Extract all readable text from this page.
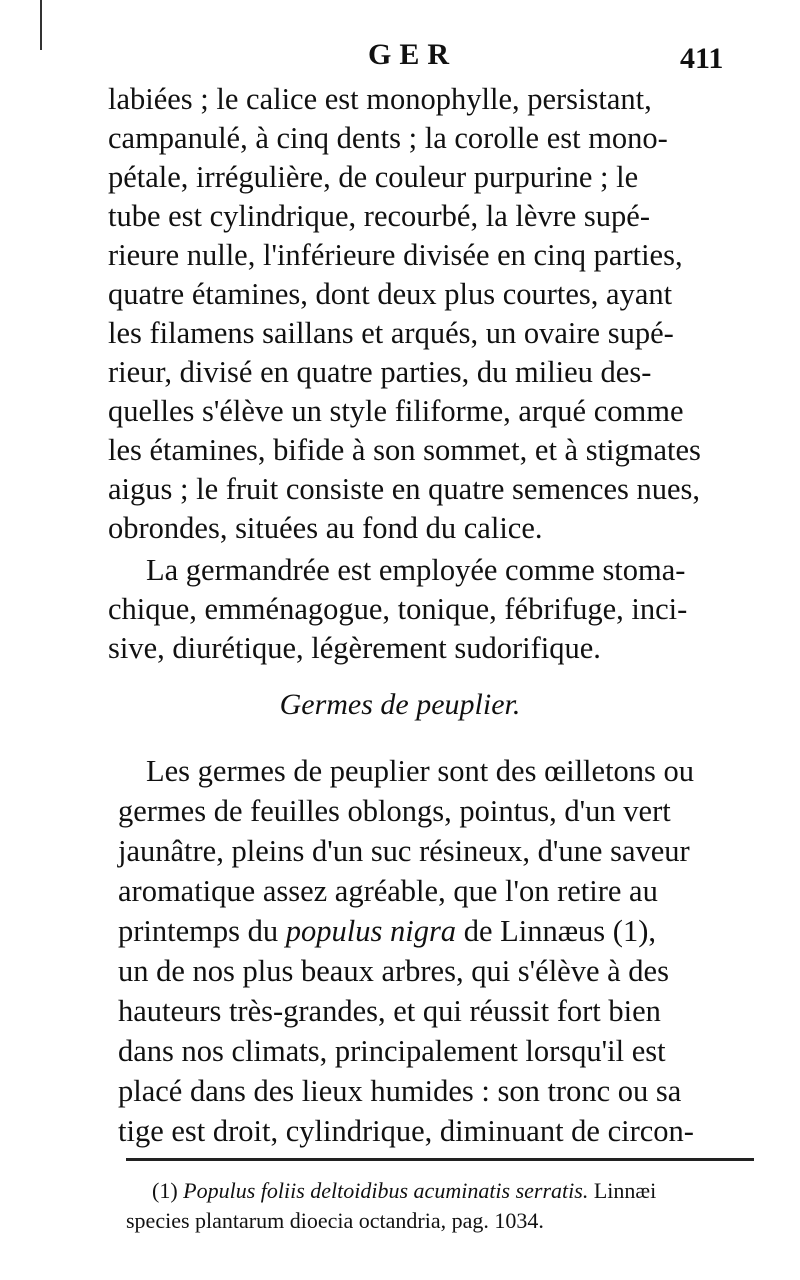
GER	411
labiées ; le calice est monophylle, persistant,
campanulé, à cinq dents ; la corolle est mono-
pétale, irrégulière, de couleur purpurine ; le
tube est cylindrique, recourbé, la lèvre supé-
rieure nulle, l'inférieure divisée en cinq parties,
quatre étamines, dont deux plus courtes, ayant
les filamens saillans et arqués, un ovaire supé-
rieur, divisé en quatre parties, du milieu des-
quelles s'élève un style filiforme, arqué comme
les étamines, bifide à son sommet, et à stigmates
aigus ; le fruit consiste en quatre semences nues,
obrondes, situées au fond du calice.
La germandrée est employée comme stoma-
chique, emménagogue, tonique, fébrifuge, inci-
sive, diurétique, légèrement sudorifique.
Germes de peuplier.
Les germes de peuplier sont des œilletons ou
germes de feuilles oblongs, pointus, d'un vert
jaunâtre, pleins d'un suc résineux, d'une saveur
aromatique assez agréable, que l'on retire au
printemps du populus nigra de Linnæus (1),
un de nos plus beaux arbres, qui s'élève à des
hauteurs très-grandes, et qui réussit fort bien
dans nos climats, principalement lorsqu'il est
placé dans des lieux humides : son tronc ou sa
tige est droit, cylindrique, diminuant de circon-
(1) Populus foliis deltoidibus acuminatis serratis. Linnæi
species plantarum dioecia octandria, pag. 1034.
